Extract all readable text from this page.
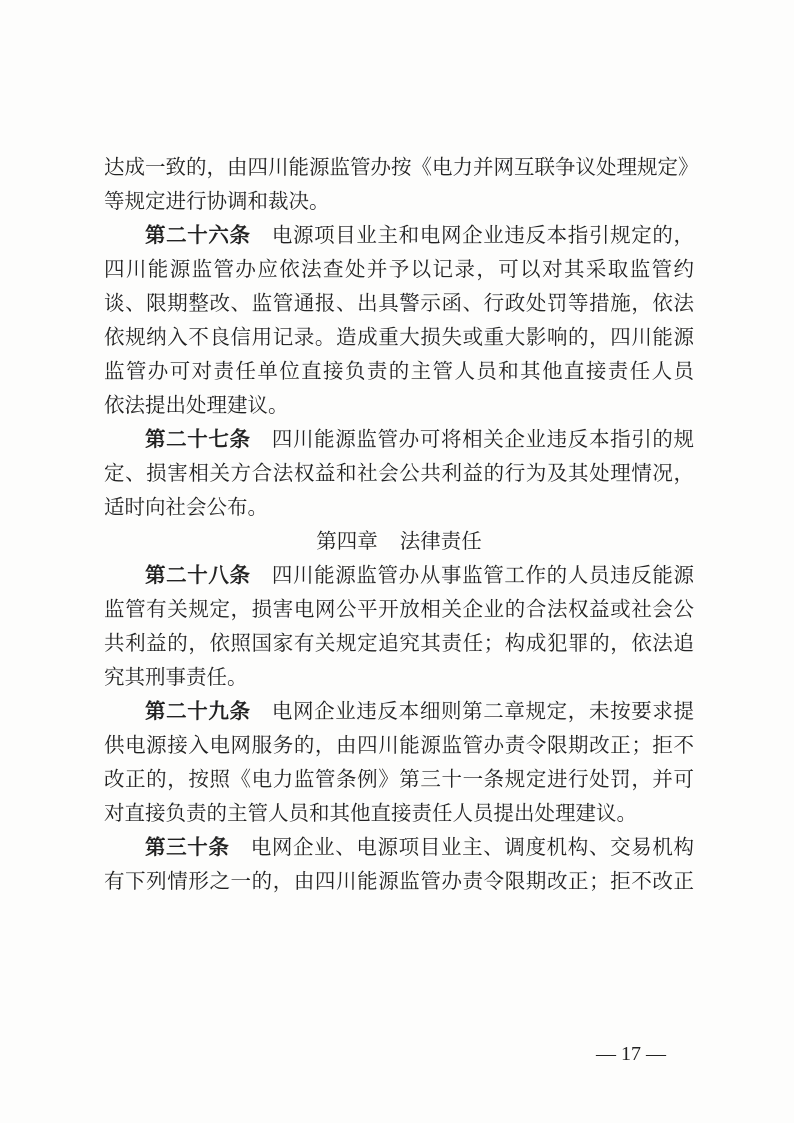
达成一致的，由四川能源监管办按《电力并网互联争议处理规定》
等规定进行协调和裁决。
第二十六条  电源项目业主和电网企业违反本指引规定的，
四川能源监管办应依法查处并予以记录，可以对其采取监管约
谈、限期整改、监管通报、出具警示函、行政处罚等措施，依法
依规纳入不良信用记录。造成重大损失或重大影响的，四川能源
监管办可对责任单位直接负责的主管人员和其他直接责任人员
依法提出处理建议。
第二十七条  四川能源监管办可将相关企业违反本指引的规
定、损害相关方合法权益和社会公共利益的行为及其处理情况，
适时向社会公布。
第四章 法律责任
第二十八条  四川能源监管办从事监管工作的人员违反能源
监管有关规定，损害电网公平开放相关企业的合法权益或社会公
共利益的，依照国家有关规定追究其责任；构成犯罪的，依法追
究其刑事责任。
第二十九条  电网企业违反本细则第二章规定，未按要求提
供电源接入电网服务的，由四川能源监管办责令限期改正；拒不
改正的，按照《电力监管条例》第三十一条规定进行处罚，并可
对直接负责的主管人员和其他直接责任人员提出处理建议。
第三十条  电网企业、电源项目业主、调度机构、交易机构
有下列情形之一的，由四川能源监管办责令限期改正；拒不改正
— 17 —
